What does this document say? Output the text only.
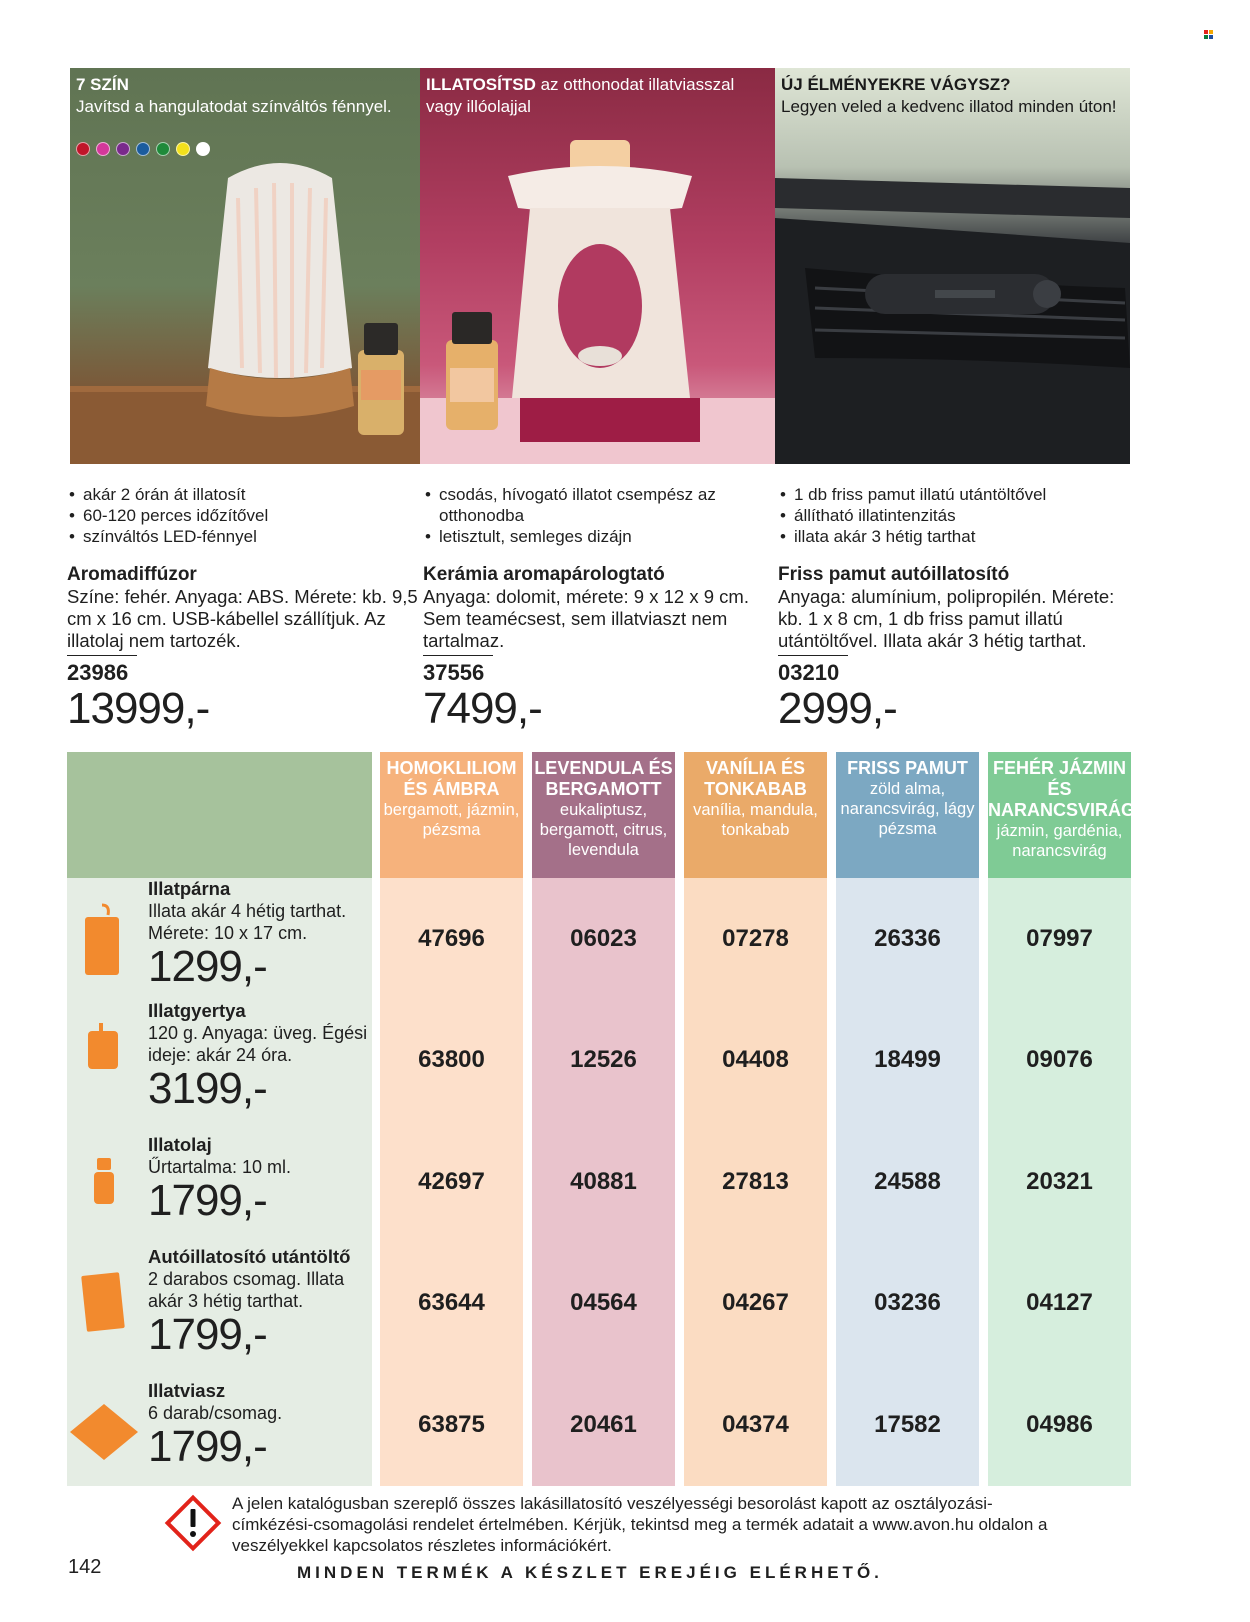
7 SZÍN
Javítsd a hangulatodat színváltós fénnyel.
ILLATOSÍTSD az otthonodat illatviasszal vagy illóolajjal
ÚJ ÉLMÉNYEKRE VÁGYSZ?
Legyen veled a kedvenc illatod minden úton!
• akár 2 órán át illatosít
• 60-120 perces időzítővel
• színváltós LED-fénnyel
Aromadiffúzor
Színe: fehér. Anyaga: ABS. Mérete: kb. 9,5 cm x 16 cm. USB-kábellel szállítjuk. Az illatolaj nem tartozék.
23986
13999,-
• csodás, hívogató illatot csempész az otthonodba
• letisztult, semleges dizájn
Kerámia aromapárologtató
Anyaga: dolomit, mérete: 9 x 12 x 9 cm. Sem teamécsest, sem illatviaszt nem tartalmaz.
37556
7499,-
• 1 db friss pamut illatú utántöltővel
• állítható illatintenzitás
• illata akár 3 hétig tarthat
Friss pamut autóillatosító
Anyaga: alumínium, polipropilén. Mérete: kb. 1 x 8 cm, 1 db friss pamut illatú utántöltővel. Illata akár 3 hétig tarthat.
03210
2999,-
HOMOKLILIOM ÉS ÁMBRA
bergamott, jázmin, pézsma
47696
63800
42697
63644
63875
LEVENDULA ÉS BERGAMOTT
eukaliptusz, bergamott, citrus, levendula
06023
12526
40881
04564
20461
VANÍLIA ÉS TONKABAB
vanília, mandula, tonkabab
07278
04408
27813
04267
04374
FRISS PAMUT
zöld alma, narancsvirág, lágy pézsma
26336
18499
24588
03236
17582
FEHÉR JÁZMIN ÉS NARANCSVIRÁG
jázmin, gardénia, narancsvirág
07997
09076
20321
04127
04986
Illatpárna
Illata akár 4 hétig tarthat. Mérete: 10 x 17 cm.
1299,-
Illatgyertya
120 g. Anyaga: üveg. Égési ideje: akár 24 óra.
3199,-
Illatolaj
Űrtartalma: 10 ml.
1799,-
Autóillatosító utántöltő
2 darabos csomag. Illata akár 3 hétig tarthat.
1799,-
Illatviasz
6 darab/csomag.
1799,-
A jelen katalógusban szereplő összes lakásillatosító veszélyességi besorolást kapott az osztályozási-címkézési-csomagolási rendelet értelmében. Kérjük, tekintsd meg a termék adatait a www.avon.hu oldalon a veszélyekkel kapcsolatos részletes információkért.
142	MINDEN TERMÉK A KÉSZLET EREJÉIG ELÉRHETŐ.
